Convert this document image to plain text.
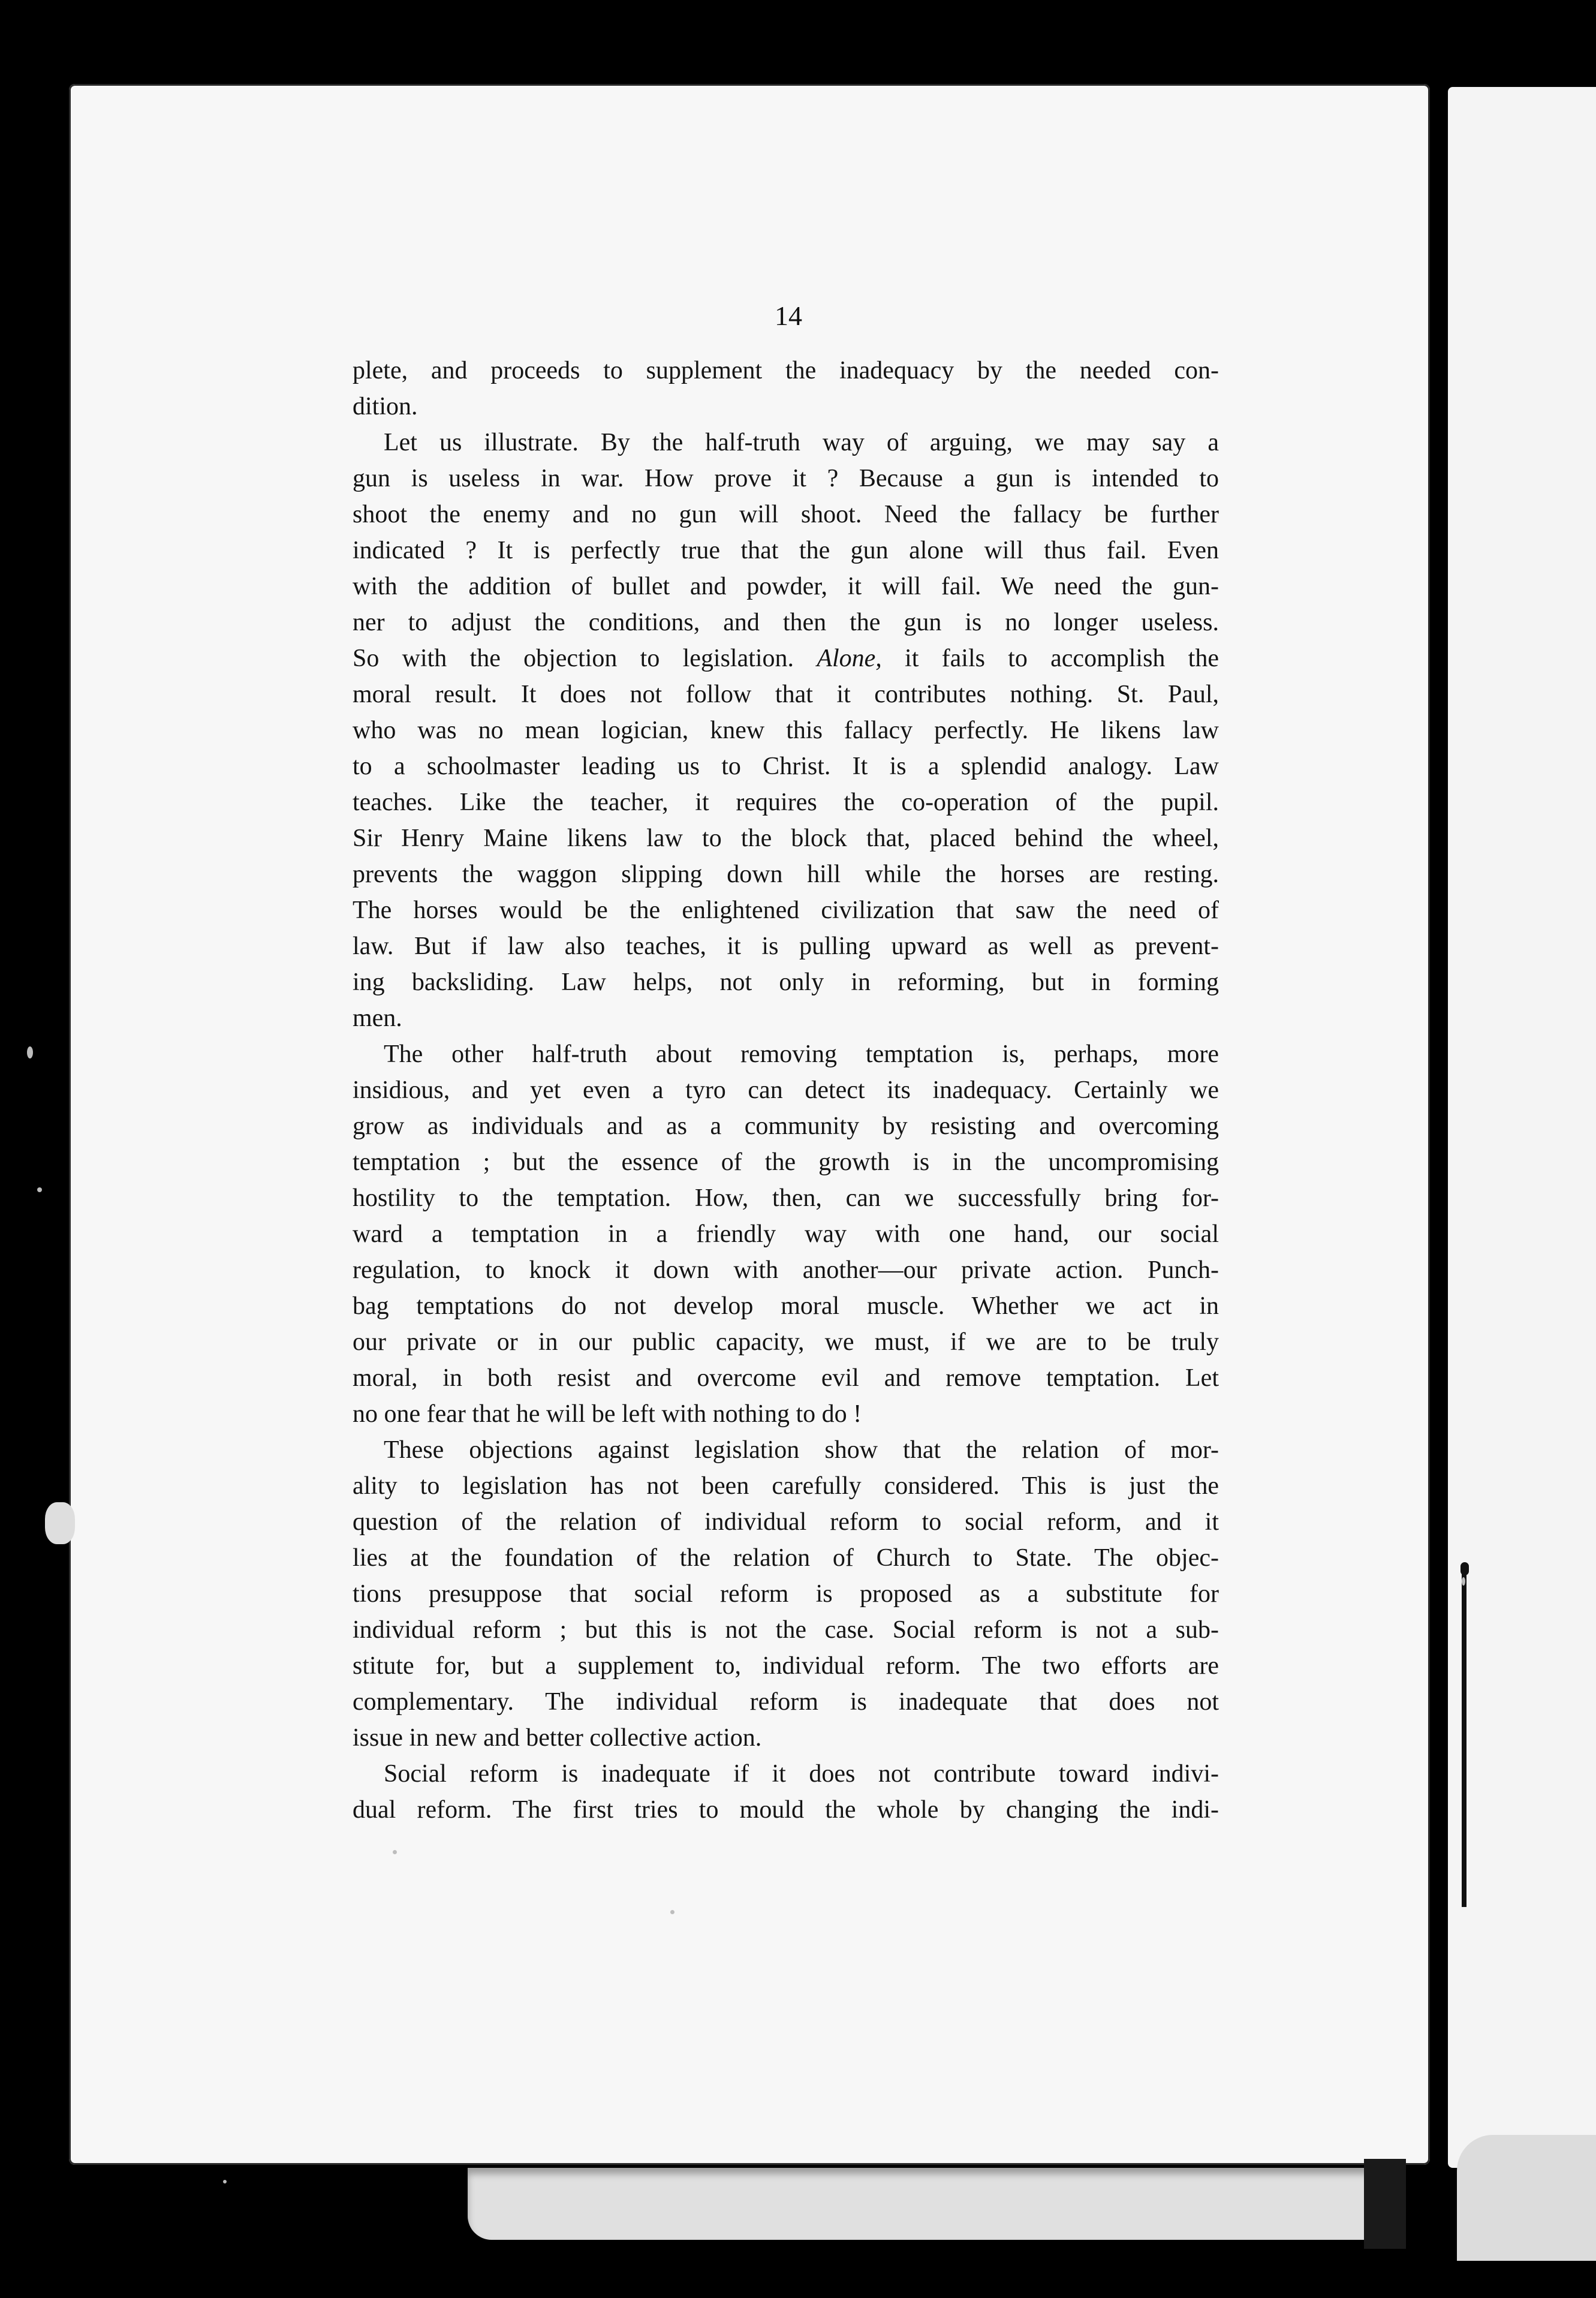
14
plete, and proceeds to supplement the inadequacy by the needed con-
dition.
Let us illustrate. By the half-truth way of arguing, we may say a
gun is useless in war. How prove it ? Because a gun is intended to
shoot the enemy and no gun will shoot. Need the fallacy be further
indicated ? It is perfectly true that the gun alone will thus fail. Even
with the addition of bullet and powder, it will fail. We need the gun-
ner to adjust the conditions, and then the gun is no longer useless.
So with the objection to legislation. Alone, it fails to accomplish the
moral result. It does not follow that it contributes nothing. St. Paul,
who was no mean logician, knew this fallacy perfectly. He likens law
to a schoolmaster leading us to Christ. It is a splendid analogy. Law
teaches. Like the teacher, it requires the co-operation of the pupil.
Sir Henry Maine likens law to the block that, placed behind the wheel,
prevents the waggon slipping down hill while the horses are resting.
The horses would be the enlightened civilization that saw the need of
law. But if law also teaches, it is pulling upward as well as prevent-
ing backsliding. Law helps, not only in reforming, but in forming
men.
The other half-truth about removing temptation is, perhaps, more
insidious, and yet even a tyro can detect its inadequacy. Certainly we
grow as individuals and as a community by resisting and overcoming
temptation ; but the essence of the growth is in the uncompromising
hostility to the temptation. How, then, can we successfully bring for-
ward a temptation in a friendly way with one hand, our social
regulation, to knock it down with another—our private action. Punch-
bag temptations do not develop moral muscle. Whether we act in
our private or in our public capacity, we must, if we are to be truly
moral, in both resist and overcome evil and remove temptation. Let
no one fear that he will be left with nothing to do !
These objections against legislation show that the relation of mor-
ality to legislation has not been carefully considered. This is just the
question of the relation of individual reform to social reform, and it
lies at the foundation of the relation of Church to State. The objec-
tions presuppose that social reform is proposed as a substitute for
individual reform ; but this is not the case. Social reform is not a sub-
stitute for, but a supplement to, individual reform. The two efforts are
complementary. The individual reform is inadequate that does not
issue in new and better collective action.
Social reform is inadequate if it does not contribute toward indivi-
dual reform. The first tries to mould the whole by changing the indi-
